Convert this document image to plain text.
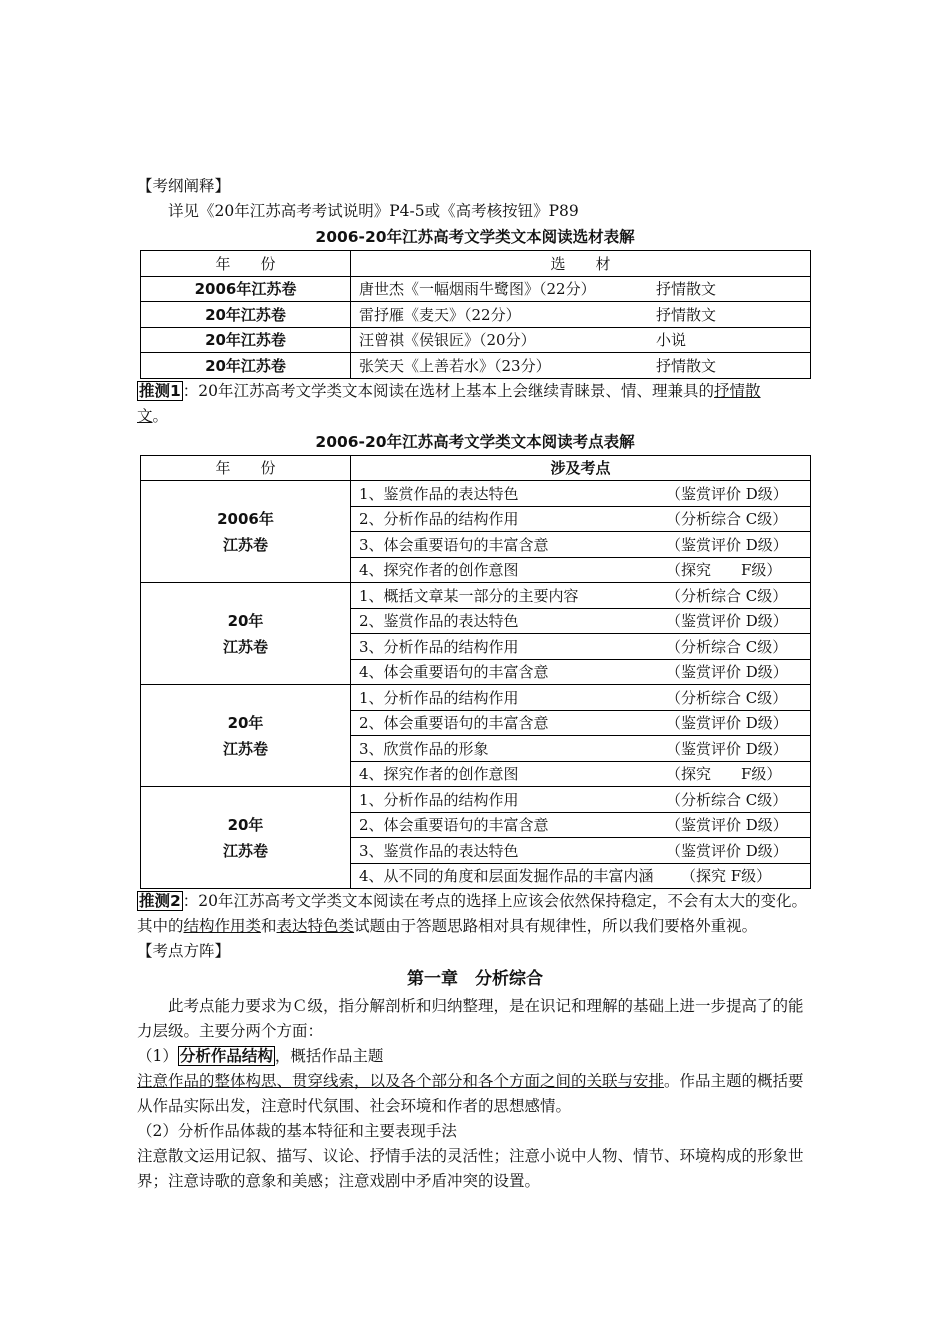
【考纲阐释】
详见《20年江苏高考考试说明》P4-5或《高考核按钮》P89
2006-20年江苏高考文学类文本阅读选材表解
年　　份	选　　材
2006年江苏卷	唐世杰《一幅烟雨牛鹭图》（22分） 抒情散文

20年江苏卷	雷抒雁《麦天》（22分） 抒情散文

20年江苏卷	汪曾祺《侯银匠》（20分） 小说

20年江苏卷	张笑天《上善若水》（23分） 抒情散文
推测1 ：20年江苏高考文学类文本阅读在选材上基本上会继续青睐景、情、理兼具的抒情散
文。
2006-20年江苏高考文学类文本阅读考点表解
年　　份	涉及考点
2006年
江苏卷	1、鉴赏作品的表达特色 （鉴赏评价 D级）

	2、分析作品的结构作用 （分析综合 C级）

	3、体会重要语句的丰富含意 （鉴赏评价 D级）

	4、探究作者的创作意图 （探究　　F级）

20年
江苏卷	1、概括文章某一部分的主要内容 （分析综合 C级）

	2、鉴赏作品的表达特色 （鉴赏评价 D级）

	3、分析作品的结构作用 （分析综合 C级）

	4、体会重要语句的丰富含意 （鉴赏评价 D级）

20年
江苏卷	1、分析作品的结构作用 （分析综合 C级）

	2、体会重要语句的丰富含意 （鉴赏评价 D级）

	3、欣赏作品的形象 （鉴赏评价 D级）

	4、探究作者的创作意图 （探究　　F级）

20年
江苏卷	1、分析作品的结构作用 （分析综合 C级）

	2、体会重要语句的丰富含意 （鉴赏评价 D级）

	3、鉴赏作品的表达特色 （鉴赏评价 D级）

	4、从不同的角度和层面发掘作品的丰富内涵 （探究 F级）
推测2 ：20年江苏高考文学类文本阅读在考点的选择上应该会依然保持稳定，不会有太大的变化。其中的结构作用类和表达特色类试题由于答题思路相对具有规律性，所以我们要格外重视。
【考点方阵】
第一章　分析综合
此考点能力要求为Ｃ级，指分解剖析和归纳整理，是在识记和理解的基础上进一步提高了的能力层级。主要分两个方面：
（1） 分析作品结构 ，概括作品主题
注意作品的整体构思、贯穿线索，以及各个部分和各个方面之间的关联与安排。作品主题的概括要从作品实际出发，注意时代氛围、社会环境和作者的思想感情。
（2）分析作品体裁的基本特征和主要表现手法
注意散文运用记叙、描写、议论、抒情手法的灵活性；注意小说中人物、情节、环境构成的形象世界；注意诗歌的意象和美感；注意戏剧中矛盾冲突的设置。
